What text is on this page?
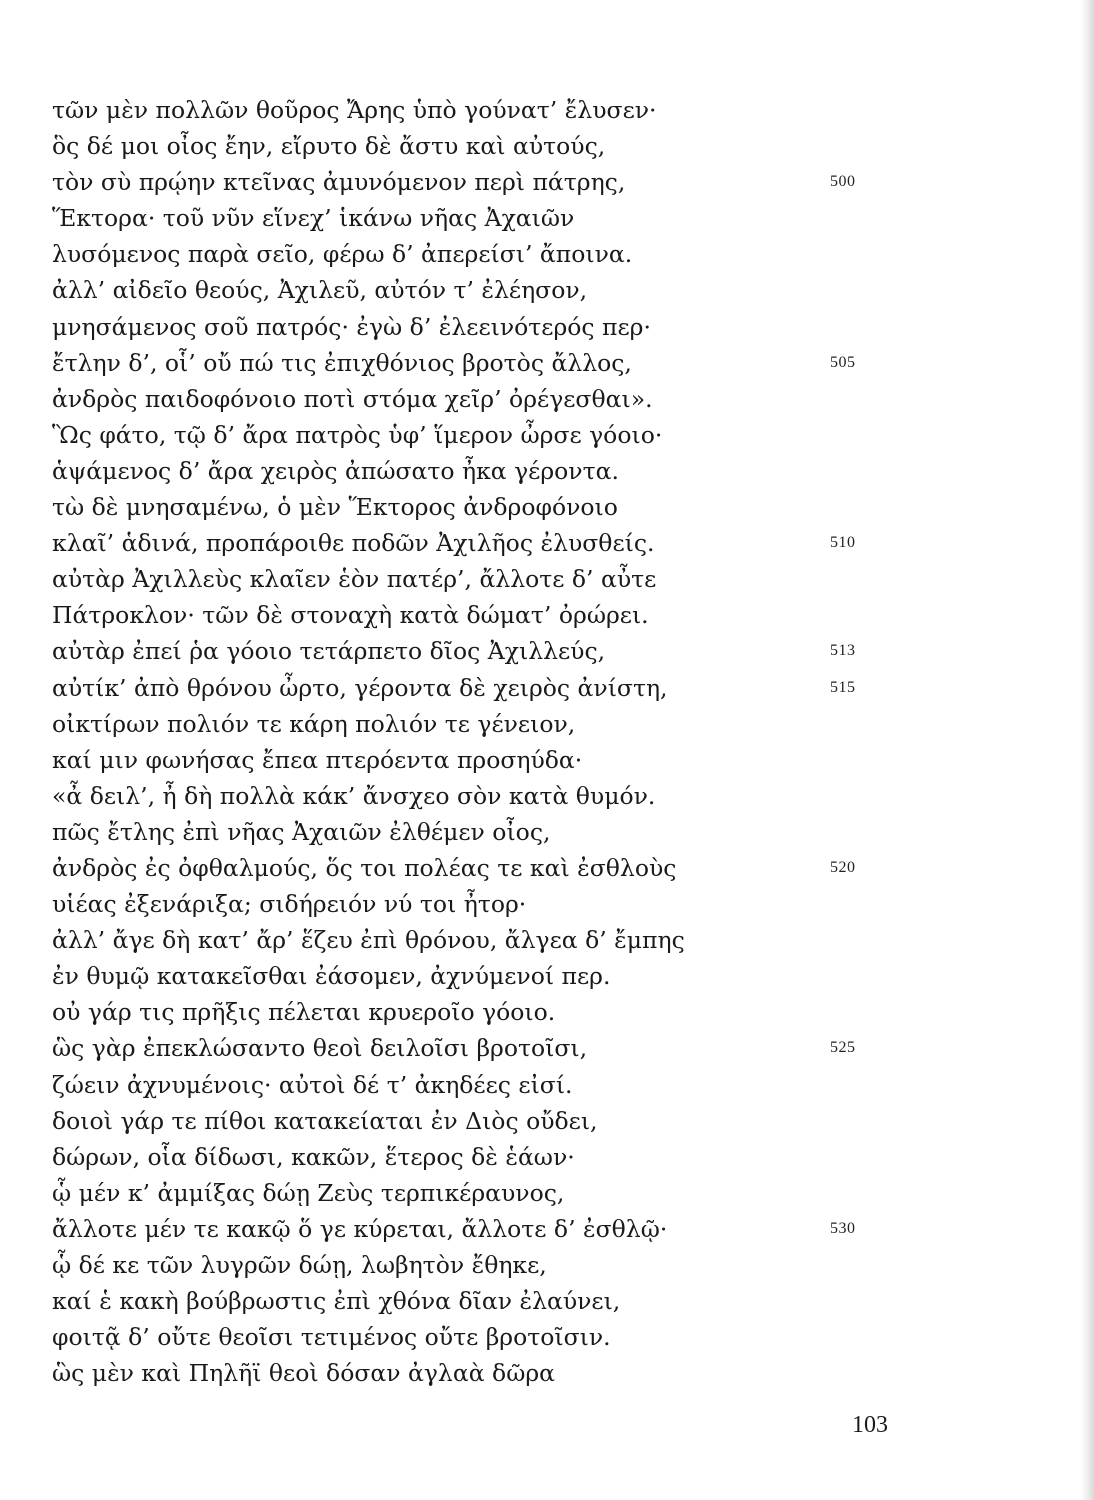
τῶν μὲν πολλῶν θοῦρος Ἄρης ὑπὸ γούνατ’ ἔλυσεν·
ὃς δέ μοι οἶος ἔην, εἴρυτο δὲ ἄστυ καὶ αὐτούς,
τὸν σὺ πρῴην κτεῖνας ἀμυνόμενον περὶ πάτρης,	500
Ἕκτορα· τοῦ νῦν εἵνεχ’ ἱκάνω νῆας Ἀχαιῶν
λυσόμενος παρὰ σεῖο, φέρω δ’ ἀπερείσι’ ἄποινα.
ἀλλ’ αἰδεῖο θεούς, Ἀχιλεῦ, αὐτόν τ’ ἐλέησον,
μνησάμενος σοῦ πατρός· ἐγὼ δ’ ἐλεεινότερός περ·
ἔτλην δ’, οἷ’ οὔ πώ τις ἐπιχθόνιος βροτὸς ἄλλος,	505
ἀνδρὸς παιδοφόνοιο ποτὶ στόμα χεῖρ’ ὀρέγεσθαι».
Ὣς φάτο, τῷ δ’ ἄρα πατρὸς ὑφ’ ἵμερον ὦρσε γόοιο·
ἁψάμενος δ’ ἄρα χειρὸς ἀπώσατο ἦκα γέροντα.
τὼ δὲ μνησαμένω, ὁ μὲν Ἕκτορος ἀνδροφόνοιο
κλαῖ’ ἁδινά, προπάροιθε ποδῶν Ἀχιλῆος ἐλυσθείς.	510
αὐτὰρ Ἀχιλλεὺς κλαῖεν ἑὸν πατέρ’, ἄλλοτε δ’ αὖτε
Πάτροκλον· τῶν δὲ στοναχὴ κατὰ δώματ’ ὀρώρει.
αὐτὰρ ἐπεί ῥα γόοιο τετάρπετο δῖος Ἀχιλλεύς,	513
αὐτίκ’ ἀπὸ θρόνου ὦρτο, γέροντα δὲ χειρὸς ἀνίστη,	515
οἰκτίρων πολιόν τε κάρη πολιόν τε γένειον,
καί μιν φωνήσας ἔπεα πτερόεντα προσηύδα·
«ἆ δειλ’, ἦ δὴ πολλὰ κάκ’ ἄνσχεο σὸν κατὰ θυμόν.
πῶς ἔτλης ἐπὶ νῆας Ἀχαιῶν ἐλθέμεν οἶος,
ἀνδρὸς ἐς ὀφθαλμούς, ὅς τοι πολέας τε καὶ ἐσθλοὺς	520
υἱέας ἐξενάριξα; σιδήρειόν νύ τοι ἦτορ·
ἀλλ’ ἄγε δὴ κατ’ ἄρ’ ἕζευ ἐπὶ θρόνου, ἄλγεα δ’ ἔμπης
ἐν θυμῷ κατακεῖσθαι ἐάσομεν, ἀχνύμενοί περ.
οὐ γάρ τις πρῆξις πέλεται κρυεροῖο γόοιο.
ὣς γὰρ ἐπεκλώσαντο θεοὶ δειλοῖσι βροτοῖσι,	525
ζώειν ἀχνυμένοις· αὐτοὶ δέ τ’ ἀκηδέες εἰσί.
δοιοὶ γάρ τε πίθοι κατακείαται ἐν Διὸς οὔδει,
δώρων, οἷα δίδωσι, κακῶν, ἕτερος δὲ ἑάων·
ᾧ μέν κ’ ἀμμίξας δώῃ Ζεὺς τερπικέραυνος,
ἄλλοτε μέν τε κακῷ ὅ γε κύρεται, ἄλλοτε δ’ ἐσθλῷ·	530
ᾧ δέ κε τῶν λυγρῶν δώῃ, λωβητὸν ἔθηκε,
καί ἑ κακὴ βούβρωστις ἐπὶ χθόνα δῖαν ἐλαύνει,
φοιτᾷ δ’ οὔτε θεοῖσι τετιμένος οὔτε βροτοῖσιν.
ὣς μὲν καὶ Πηλῆϊ θεοὶ δόσαν ἀγλαὰ δῶρα
103
